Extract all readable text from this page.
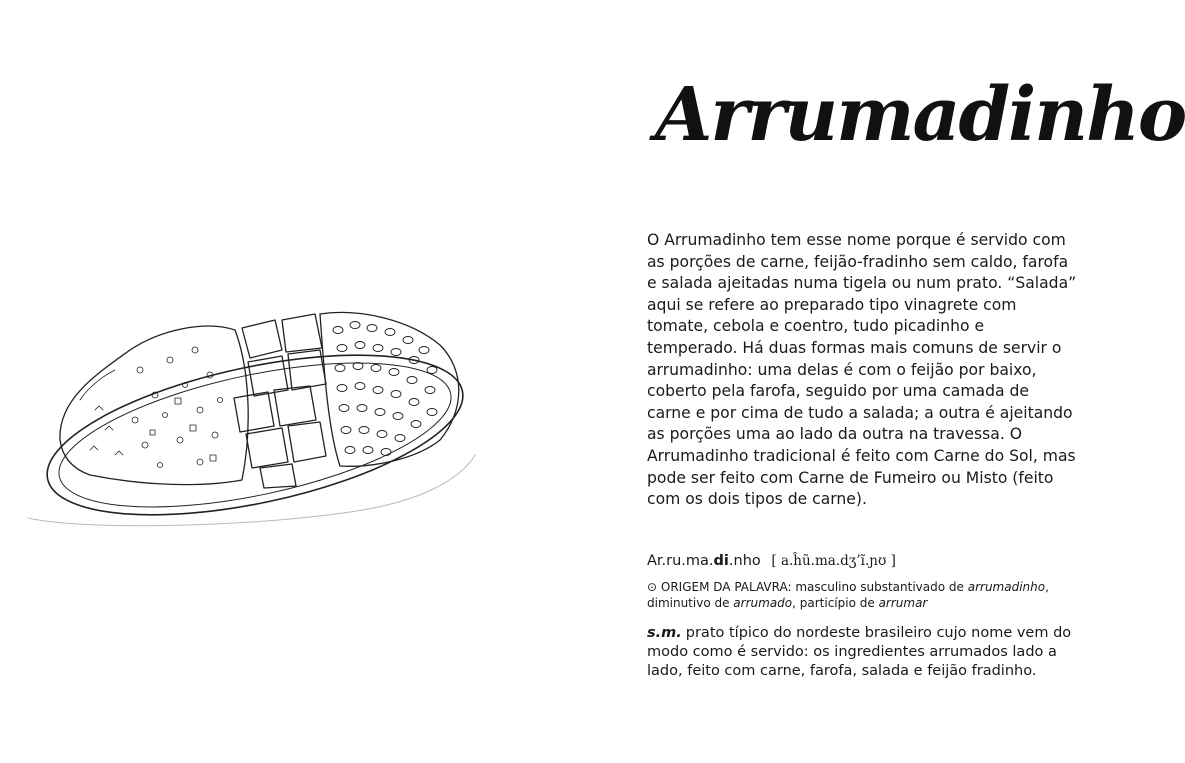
Arrumadinho

O Arrumadinho tem esse nome porque é servido com as porções de carne, feijão-fradinho sem caldo, farofa e salada ajeitadas numa tigela ou num prato. “Salada” aqui se refere ao preparado tipo vinagrete com tomate, cebola e coentro, tudo picadinho e temperado. Há duas formas mais comuns de servir o arrumadinho: uma delas é com o feijão por baixo, coberto pela farofa, seguido por uma camada de carne e por cima de tudo a salada; a outra é ajeitando as porções uma ao lado da outra na travessa. O Arrumadinho tradicional é feito com Carne do Sol, mas pode ser feito com Carne de Fumeiro ou Misto (feito com os dois tipos de carne).

Ar.ru.ma.di.nho [ a.ĥũ.ma.dʒ’ĩ.ɲʊ ]

⊙ ORIGEM DA PALAVRA: masculino substantivado de arrumadinho, diminutivo de arrumado, particípio de arrumar

s.m. prato típico do nordeste brasileiro cujo nome vem do modo como é servido: os ingredientes arrumados lado a lado, feito com carne, farofa, salada e feijão fradinho.
